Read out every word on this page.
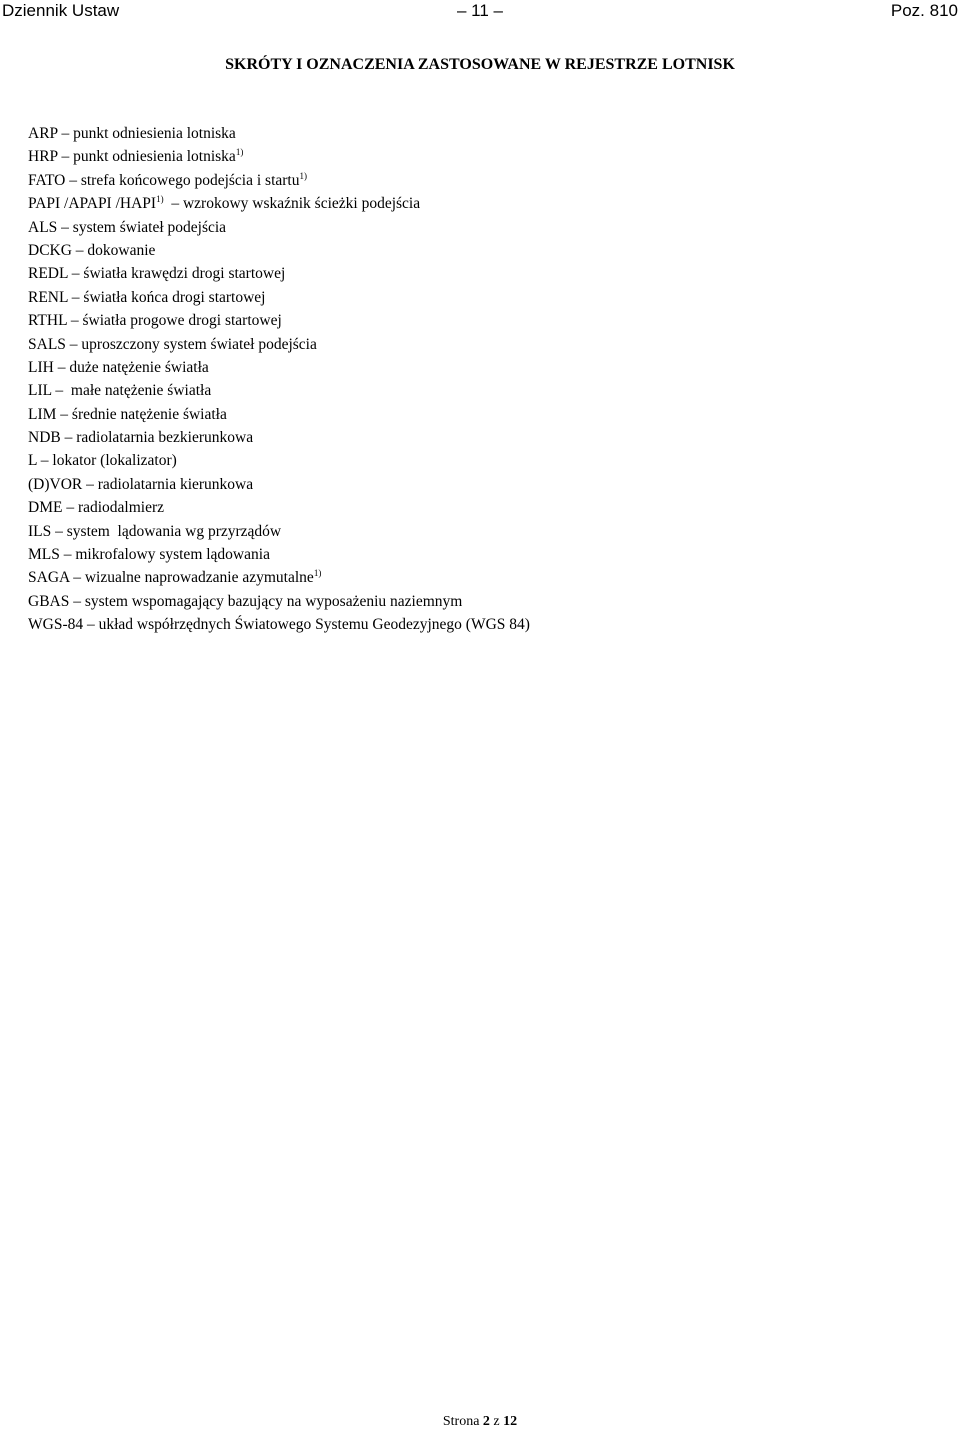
Dziennik Ustaw	– 11 –	Poz. 810
SKRÓTY I OZNACZENIA ZASTOSOWANE W REJESTRZE LOTNISK
ARP – punkt odniesienia lotniska
HRP – punkt odniesienia lotniska$^{1)}$
FATO – strefa końcowego podejścia i startu$^{1)}$
PAPI /APAPI /HAPI$^{1)}$  – wzrokowy wskaźnik ścieżki podejścia
ALS – system świateł podejścia
DCKG – dokowanie
REDL – światła krawędzi drogi startowej
RENL – światła końca drogi startowej
RTHL – światła progowe drogi startowej
SALS – uproszczony system świateł podejścia
LIH – duże natężenie światła
LIL –  małe natężenie światła
LIM – średnie natężenie światła
NDB – radiolatarnia bezkierunkowa
L – lokator (lokalizator)
(D)VOR – radiolatarnia kierunkowa
DME – radiodalmierz
ILS – system  lądowania wg przyrządów
MLS – mikrofalowy system lądowania
SAGA – wizualne naprowadzanie azymutalne$^{1)}$
GBAS – system wspomagający bazujący na wyposażeniu naziemnym
WGS-84 – układ współrzędnych Światowego Systemu Geodezyjnego (WGS 84)
Strona 2 z 12
